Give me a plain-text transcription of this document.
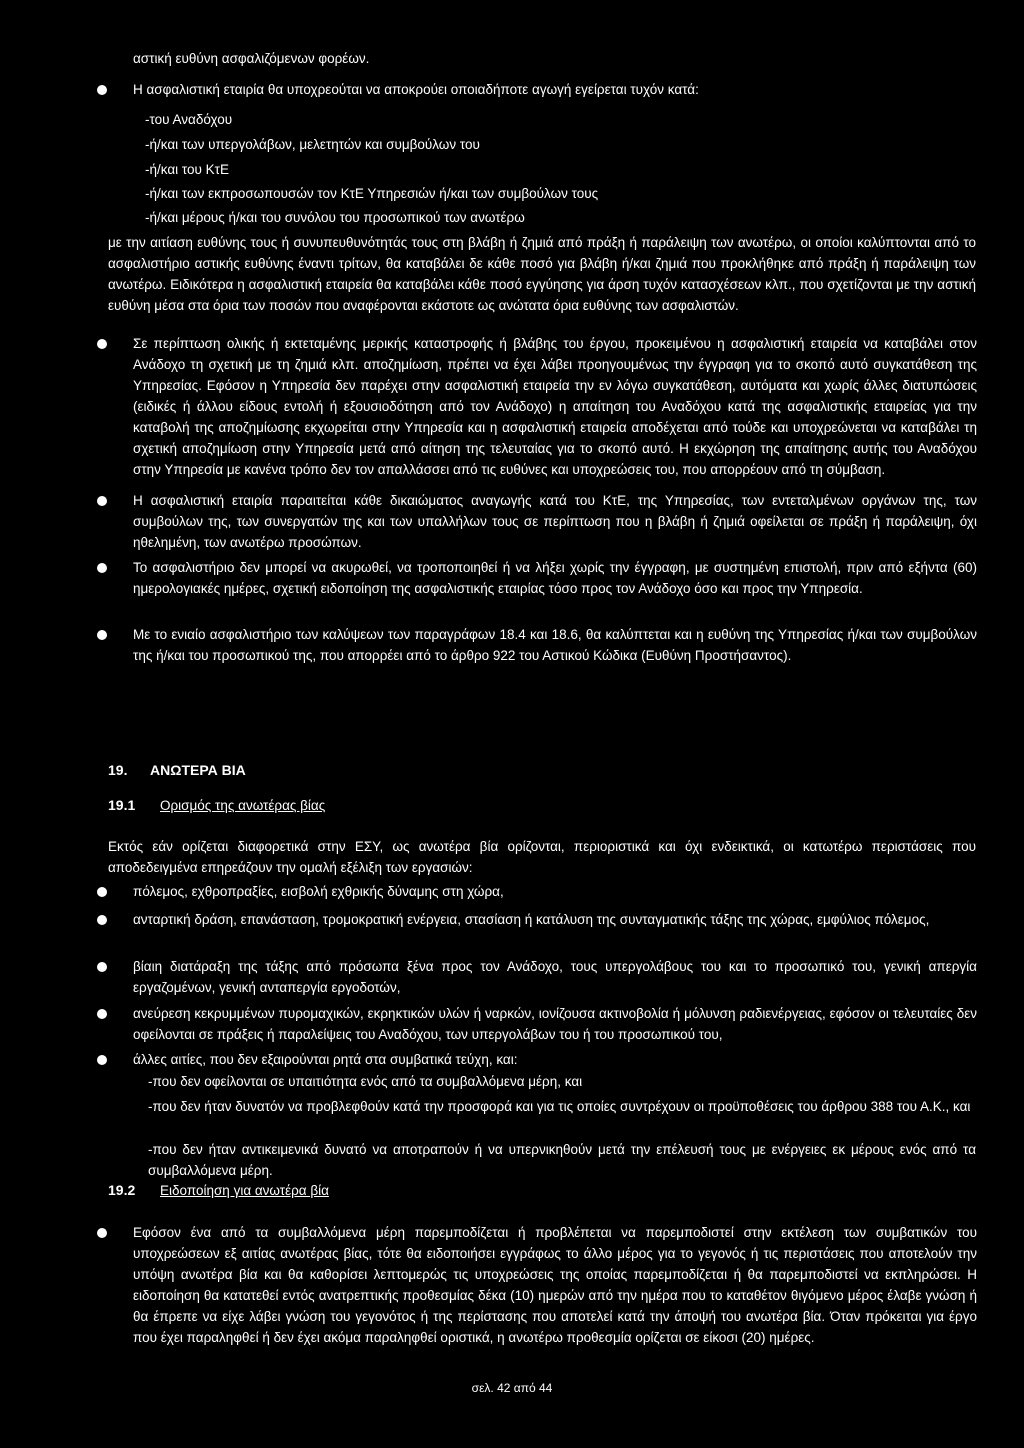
αστική ευθύνη ασφαλιζόμενων φορέων.
Η ασφαλιστική εταιρία θα υποχρεούται να αποκρούει οποιαδήποτε αγωγή εγείρεται τυχόν κατά:
-του Αναδόχου
-ή/και των υπεργολάβων, μελετητών και συμβούλων του
-ή/και του ΚτΕ
-ή/και των εκπροσωπουσών τον ΚτΕ Υπηρεσιών ή/και των συμβούλων τους
-ή/και μέρους ή/και του συνόλου του προσωπικού των ανωτέρω
με την αιτίαση ευθύνης τους ή συνυπευθυνότητάς τους στη βλάβη ή ζημιά από πράξη ή παράλειψη των ανωτέρω, οι οποίοι καλύπτονται από το ασφαλιστήριο αστικής ευθύνης έναντι τρίτων, θα καταβάλει δε κάθε ποσό για βλάβη ή/και ζημιά που προκλήθηκε από πράξη ή παράλειψη των ανωτέρω. Ειδικότερα η ασφαλιστική εταιρεία θα καταβάλει κάθε ποσό εγγύησης για άρση τυχόν κατασχέσεων κλπ., που σχετίζονται με την αστική ευθύνη μέσα στα όρια των ποσών που αναφέρονται εκάστοτε ως ανώτατα όρια ευθύνης των ασφαλιστών.
Σε περίπτωση ολικής ή εκτεταμένης μερικής καταστροφής ή βλάβης του έργου, προκειμένου η ασφαλιστική εταιρεία να καταβάλει στον Ανάδοχο τη σχετική με τη ζημιά κλπ. αποζημίωση, πρέπει να έχει λάβει προηγουμένως την έγγραφη για το σκοπό αυτό συγκατάθεση της Υπηρεσίας. Εφόσον η Υπηρεσία δεν παρέχει στην ασφαλιστική εταιρεία την εν λόγω συγκατάθεση, αυτόματα και χωρίς άλλες διατυπώσεις (ειδικές ή άλλου είδους εντολή ή εξουσιοδότηση από τον Ανάδοχο) η απαίτηση του Αναδόχου κατά της ασφαλιστικής εταιρείας για την καταβολή της αποζημίωσης εκχωρείται στην Υπηρεσία και η ασφαλιστική εταιρεία αποδέχεται από τούδε και υποχρεώνεται να καταβάλει τη σχετική αποζημίωση στην Υπηρεσία μετά από αίτηση της τελευταίας για το σκοπό αυτό. Η εκχώρηση της απαίτησης αυτής του Αναδόχου στην Υπηρεσία με κανένα τρόπο δεν τον απαλλάσσει από τις ευθύνες και υποχρεώσεις του, που απορρέουν από τη σύμβαση.
Η ασφαλιστική εταιρία παραιτείται κάθε δικαιώματος αναγωγής κατά του ΚτΕ, της Υπηρεσίας, των εντεταλμένων οργάνων της, των συμβούλων της, των συνεργατών της και των υπαλλήλων τους σε περίπτωση που η βλάβη ή ζημιά οφείλεται σε πράξη ή παράλειψη, όχι ηθελημένη, των ανωτέρω προσώπων.
Το ασφαλιστήριο δεν μπορεί να ακυρωθεί, να τροποποιηθεί ή να λήξει χωρίς την έγγραφη, με συστημένη επιστολή, πριν από εξήντα (60) ημερολογιακές ημέρες, σχετική ειδοποίηση της ασφαλιστικής εταιρίας τόσο προς τον Ανάδοχο όσο και προς την Υπηρεσία.
Με το ενιαίο ασφαλιστήριο των καλύψεων των παραγράφων 18.4 και 18.6, θα καλύπτεται και η ευθύνη της Υπηρεσίας ή/και των συμβούλων της ή/και του προσωπικού της, που απορρέει από το άρθρο 922 του Αστικού Κώδικα (Ευθύνη Προστήσαντος).
19. ΑΝΩΤΕΡΑ ΒΙΑ
19.1 Ορισμός της ανωτέρας βίας
Εκτός εάν ορίζεται διαφορετικά στην ΕΣΥ, ως ανωτέρα βία ορίζονται, περιοριστικά και όχι ενδεικτικά, οι κατωτέρω περιστάσεις που αποδεδειγμένα επηρεάζουν την ομαλή εξέλιξη των εργασιών:
πόλεμος, εχθροπραξίες, εισβολή εχθρικής δύναμης στη χώρα,
ανταρτική δράση, επανάσταση, τρομοκρατική ενέργεια, στασίαση ή κατάλυση της συνταγματικής τάξης της χώρας, εμφύλιος πόλεμος,
βίαιη διατάραξη της τάξης από πρόσωπα ξένα προς τον Ανάδοχο, τους υπεργολάβους του και το προσωπικό του, γενική απεργία εργαζομένων, γενική ανταπεργία εργοδοτών,
ανεύρεση κεκρυμμένων πυρομαχικών, εκρηκτικών υλών ή ναρκών, ιονίζουσα ακτινοβολία ή μόλυνση ραδιενέργειας, εφόσον οι τελευταίες δεν οφείλονται σε πράξεις ή παραλείψεις του Αναδόχου, των υπεργολάβων του ή του προσωπικού του,
άλλες αιτίες, που δεν εξαιρούνται ρητά στα συμβατικά τεύχη, και:
-που δεν οφείλονται σε υπαιτιότητα ενός από τα συμβαλλόμενα μέρη, και
-που δεν ήταν δυνατόν να προβλεφθούν κατά την προσφορά και για τις οποίες συντρέχουν οι προϋποθέσεις του άρθρου 388 του Α.Κ., και
-που δεν ήταν αντικειμενικά δυνατό να αποτραπούν ή να υπερνικηθούν μετά την επέλευσή τους με ενέργειες εκ μέρους ενός από τα συμβαλλόμενα μέρη.
19.2 Ειδοποίηση για ανωτέρα βία
Εφόσον ένα από τα συμβαλλόμενα μέρη παρεμποδίζεται ή προβλέπεται να παρεμποδιστεί στην εκτέλεση των συμβατικών του υποχρεώσεων εξ αιτίας ανωτέρας βίας, τότε θα ειδοποιήσει εγγράφως το άλλο μέρος για το γεγονός ή τις περιστάσεις που αποτελούν την υπόψη ανωτέρα βία και θα καθορίσει λεπτομερώς τις υποχρεώσεις της οποίας παρεμποδίζεται ή θα παρεμποδιστεί να εκπληρώσει. Η ειδοποίηση θα κατατεθεί εντός ανατρεπτικής προθεσμίας δέκα (10) ημερών από την ημέρα που το καταθέτον θιγόμενο μέρος έλαβε γνώση ή θα έπρεπε να είχε λάβει γνώση του γεγονότος ή της περίστασης που αποτελεί κατά την άποψή του ανωτέρα βία. Όταν πρόκειται για έργο που έχει παραληφθεί ή δεν έχει ακόμα παραληφθεί οριστικά, η ανωτέρω προθεσμία ορίζεται σε είκοσι (20) ημέρες.
σελ. 42 από 44
